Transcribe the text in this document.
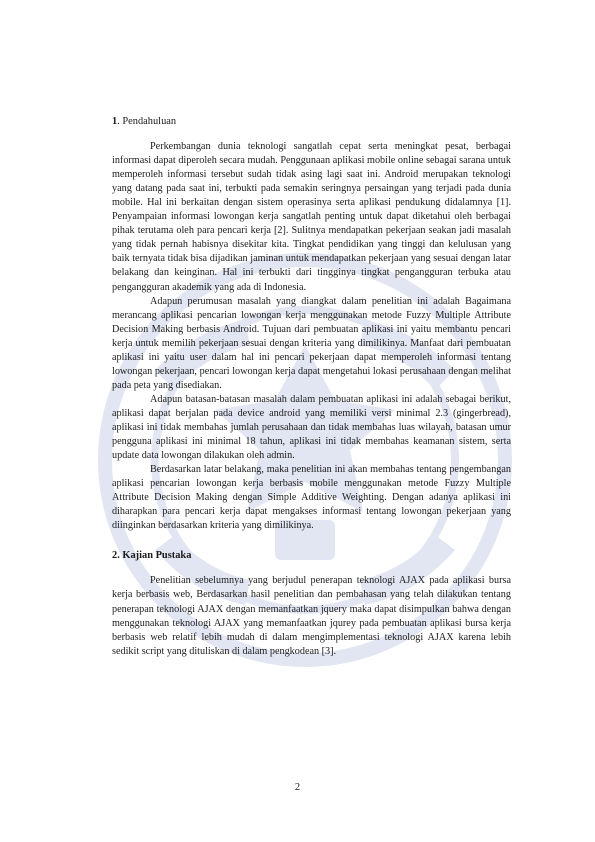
1. Pendahuluan

Perkembangan dunia teknologi sangatlah cepat serta meningkat pesat, berbagai informasi dapat diperoleh secara mudah. Penggunaan aplikasi mobile online sebagai sarana untuk memperoleh informasi tersebut sudah tidak asing lagi saat ini. Android merupakan teknologi yang datang pada saat ini, terbukti pada semakin seringnya persaingan yang terjadi pada dunia mobile. Hal ini berkaitan dengan sistem operasinya serta aplikasi pendukung didalamnya [1]. Penyampaian informasi lowongan kerja sangatlah penting untuk dapat diketahui oleh berbagai pihak terutama oleh para pencari kerja [2]. Sulitnya mendapatkan pekerjaan seakan jadi masalah yang tidak pernah habisnya disekitar kita. Tingkat pendidikan yang tinggi dan kelulusan yang baik ternyata tidak bisa dijadikan jaminan untuk mendapatkan pekerjaan yang sesuai dengan latar belakang dan keinginan. Hal ini terbukti dari tingginya tingkat pengangguran terbuka atau pengangguran akademik yang ada di Indonesia.

Adapun perumusan masalah yang diangkat dalam penelitian ini adalah Bagaimana merancang aplikasi pencarian lowongan kerja menggunakan metode Fuzzy Multiple Attribute Decision Making berbasis Android. Tujuan dari pembuatan aplikasi ini yaitu membantu pencari kerja untuk memilih pekerjaan sesuai dengan kriteria yang dimilikinya. Manfaat dari pembuatan aplikasi ini yaitu user dalam hal ini pencari pekerjaan dapat memperoleh informasi tentang lowongan pekerjaan, pencari lowongan kerja dapat mengetahui lokasi perusahaan dengan melihat pada peta yang disediakan.

Adapun batasan-batasan masalah dalam pembuatan aplikasi ini adalah sebagai berikut, aplikasi dapat berjalan pada device android yang memiliki versi minimal 2.3 (gingerbread), aplikasi ini tidak membahas jumlah perusahaan dan tidak membahas luas wilayah, batasan umur pengguna aplikasi ini minimal 18 tahun, aplikasi ini tidak membahas keamanan sistem, serta update data lowongan dilakukan oleh admin.

Berdasarkan latar belakang, maka penelitian ini akan membahas tentang pengembangan aplikasi pencarian lowongan kerja berbasis mobile menggunakan metode Fuzzy Multiple Attribute Decision Making dengan Simple Additive Weighting. Dengan adanya aplikasi ini diharapkan para pencari kerja dapat mengakses informasi tentang lowongan pekerjaan yang diinginkan berdasarkan kriteria yang dimilikinya.

2. Kajian Pustaka

Penelitian sebelumnya yang berjudul penerapan teknologi AJAX pada aplikasi bursa kerja berbasis web, Berdasarkan hasil penelitian dan pembahasan yang telah dilakukan tentang penerapan teknologi AJAX dengan memanfaatkan jquery maka dapat disimpulkan bahwa dengan menggunakan teknologi AJAX yang memanfaatkan jqurey pada pembuatan aplikasi bursa kerja berbasis web relatif lebih mudah di dalam mengimplementasi teknologi AJAX karena lebih sedikit script yang dituliskan di dalam pengkodean [3].

2
